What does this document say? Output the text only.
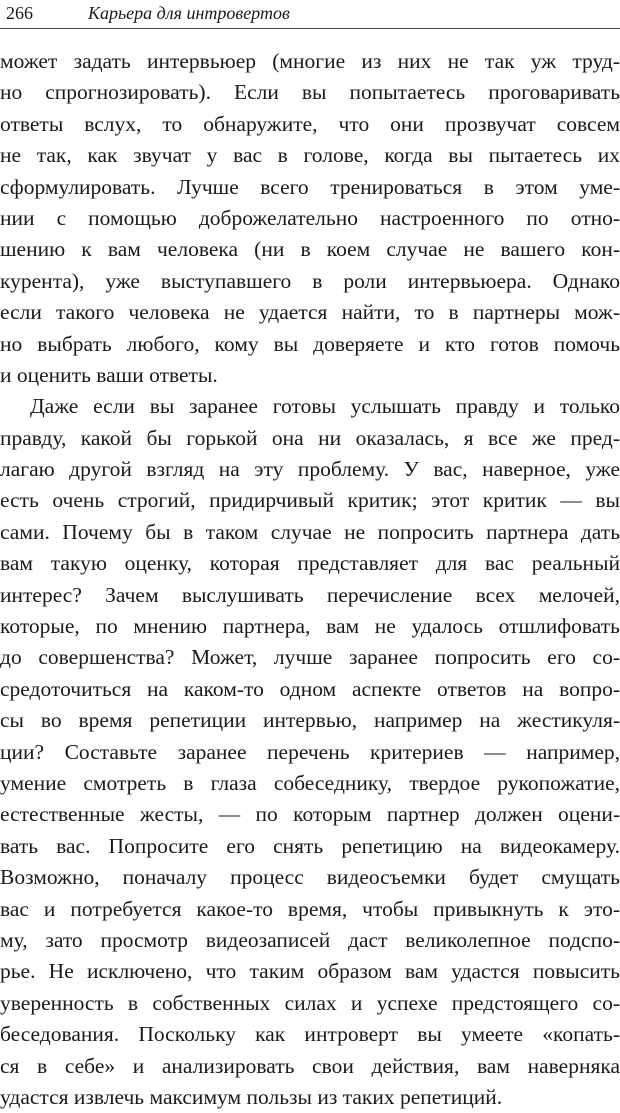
266	Карьера для интровертов
может задать интервьюер (многие из них не так уж труд-
но спрогнозировать). Если вы попытаетесь проговаривать
ответы вслух, то обнаружите, что они прозвучат совсем
не так, как звучат у вас в голове, когда вы пытаетесь их
сформулировать. Лучше всего тренироваться в этом уме-
нии с помощью доброжелательно настроенного по отно-
шению к вам человека (ни в коем случае не вашего кон-
курента), уже выступавшего в роли интервьюера. Однако
если такого человека не удается найти, то в партнеры мож-
но выбрать любого, кому вы доверяете и кто готов помочь
и оценить ваши ответы.
Даже если вы заранее готовы услышать правду и только
правду, какой бы горькой она ни оказалась, я все же пред-
лагаю другой взгляд на эту проблему. У вас, наверное, уже
есть очень строгий, придирчивый критик; этот критик — вы
сами. Почему бы в таком случае не попросить партнера дать
вам такую оценку, которая представляет для вас реальный
интерес? Зачем выслушивать перечисление всех мелочей,
которые, по мнению партнера, вам не удалось отшлифовать
до совершенства? Может, лучше заранее попросить его со-
средоточиться на каком-то одном аспекте ответов на вопро-
сы во время репетиции интервью, например на жестикуля-
ции? Составьте заранее перечень критериев — например,
умение смотреть в глаза собеседнику, твердое рукопожатие,
естественные жесты, — по которым партнер должен оцени-
вать вас. Попросите его снять репетицию на видеокамеру.
Возможно, поначалу процесс видеосъемки будет смущать
вас и потребуется какое-то время, чтобы привыкнуть к это-
му, зато просмотр видеозаписей даст великолепное подспо-
рье. Не исключено, что таким образом вам удастся повысить
уверенность в собственных силах и успехе предстоящего со-
беседования. Поскольку как интроверт вы умеете «копать-
ся в себе» и анализировать свои действия, вам наверняка
удастся извлечь максимум пользы из таких репетиций.
